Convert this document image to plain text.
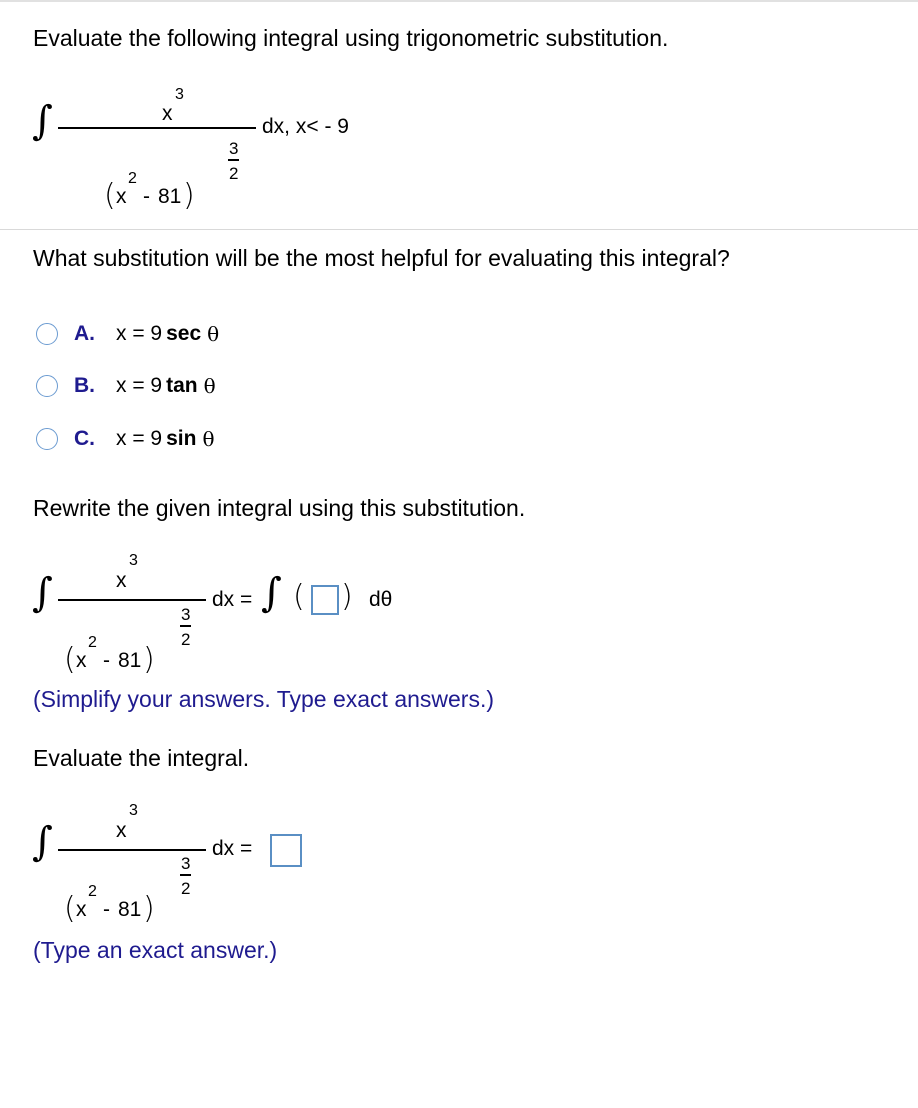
Evaluate the following integral using trigonometric substitution.
∫	x
3
( x
2
- 81 )
3
2
dx, x< - 9
What substitution will be the most helpful for evaluating this integral?
A.	x = 9 sec θ
B.	x = 9 tan θ
C.	x = 9 sin θ
Rewrite the given integral using this substitution.
∫	x
3
( x
2
- 81 )
3
2
dx = ∫ ( ) dθ
(Simplify your answers. Type exact answers.)
Evaluate the integral.
∫	x
3
( x
2
- 81 )
3
2
dx =
(Type an exact answer.)
